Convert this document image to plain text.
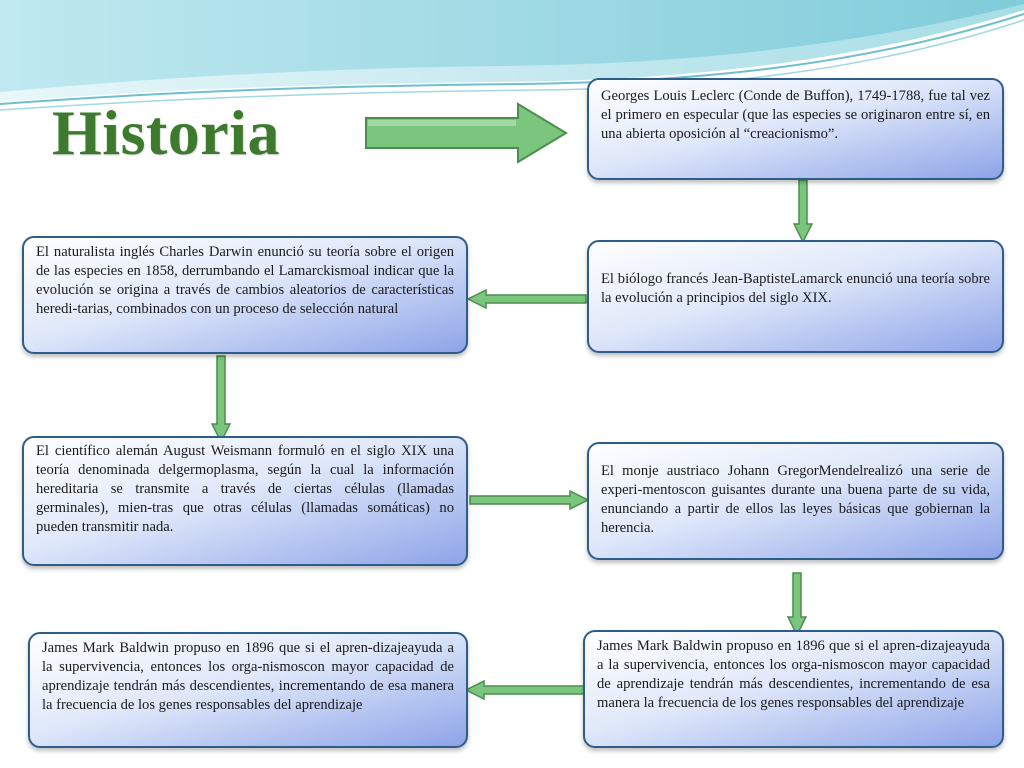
Historia
Georges Louis Leclerc (Conde de Buffon), 1749-1788, fue tal vez el primero en especular (que las especies se originaron entre sí, en una abierta oposición al “creacionismo”.
El biólogo francés Jean-BaptisteLamarck enunció una teoría sobre la evolución a principios del siglo XIX.
El naturalista inglés Charles Darwin enunció su teoría sobre el origen de las especies en 1858, derrumbando el Lamarckismoal indicar que la evolución se origina a través de cambios aleatorios de características heredi-tarias, combinados con un proceso de selección natural
El científico alemán August Weismann formuló en el siglo XIX una teoría denominada delgermoplasma, según la cual la información hereditaria se transmite a través de ciertas células (llamadas germinales), mien-tras que otras células (llamadas somáticas) no pueden transmitir nada.
El monje austriaco Johann GregorMendelrealizó una serie de experi-mentoscon guisantes durante una buena parte de su vida, enunciando a partir de ellos las leyes básicas que gobiernan la herencia.
James Mark Baldwin propuso en 1896 que si el apren-dizajeayuda a la supervivencia, entonces los orga-nismoscon mayor capacidad de aprendizaje tendrán más descendientes, incrementando de esa manera la frecuencia de los genes responsables del aprendizaje
James Mark Baldwin propuso en 1896 que si el apren-dizajeayuda a la supervivencia, entonces los orga-nismoscon mayor capacidad de aprendizaje tendrán más descendientes, incrementando de esa manera la frecuencia de los genes responsables del aprendizaje
